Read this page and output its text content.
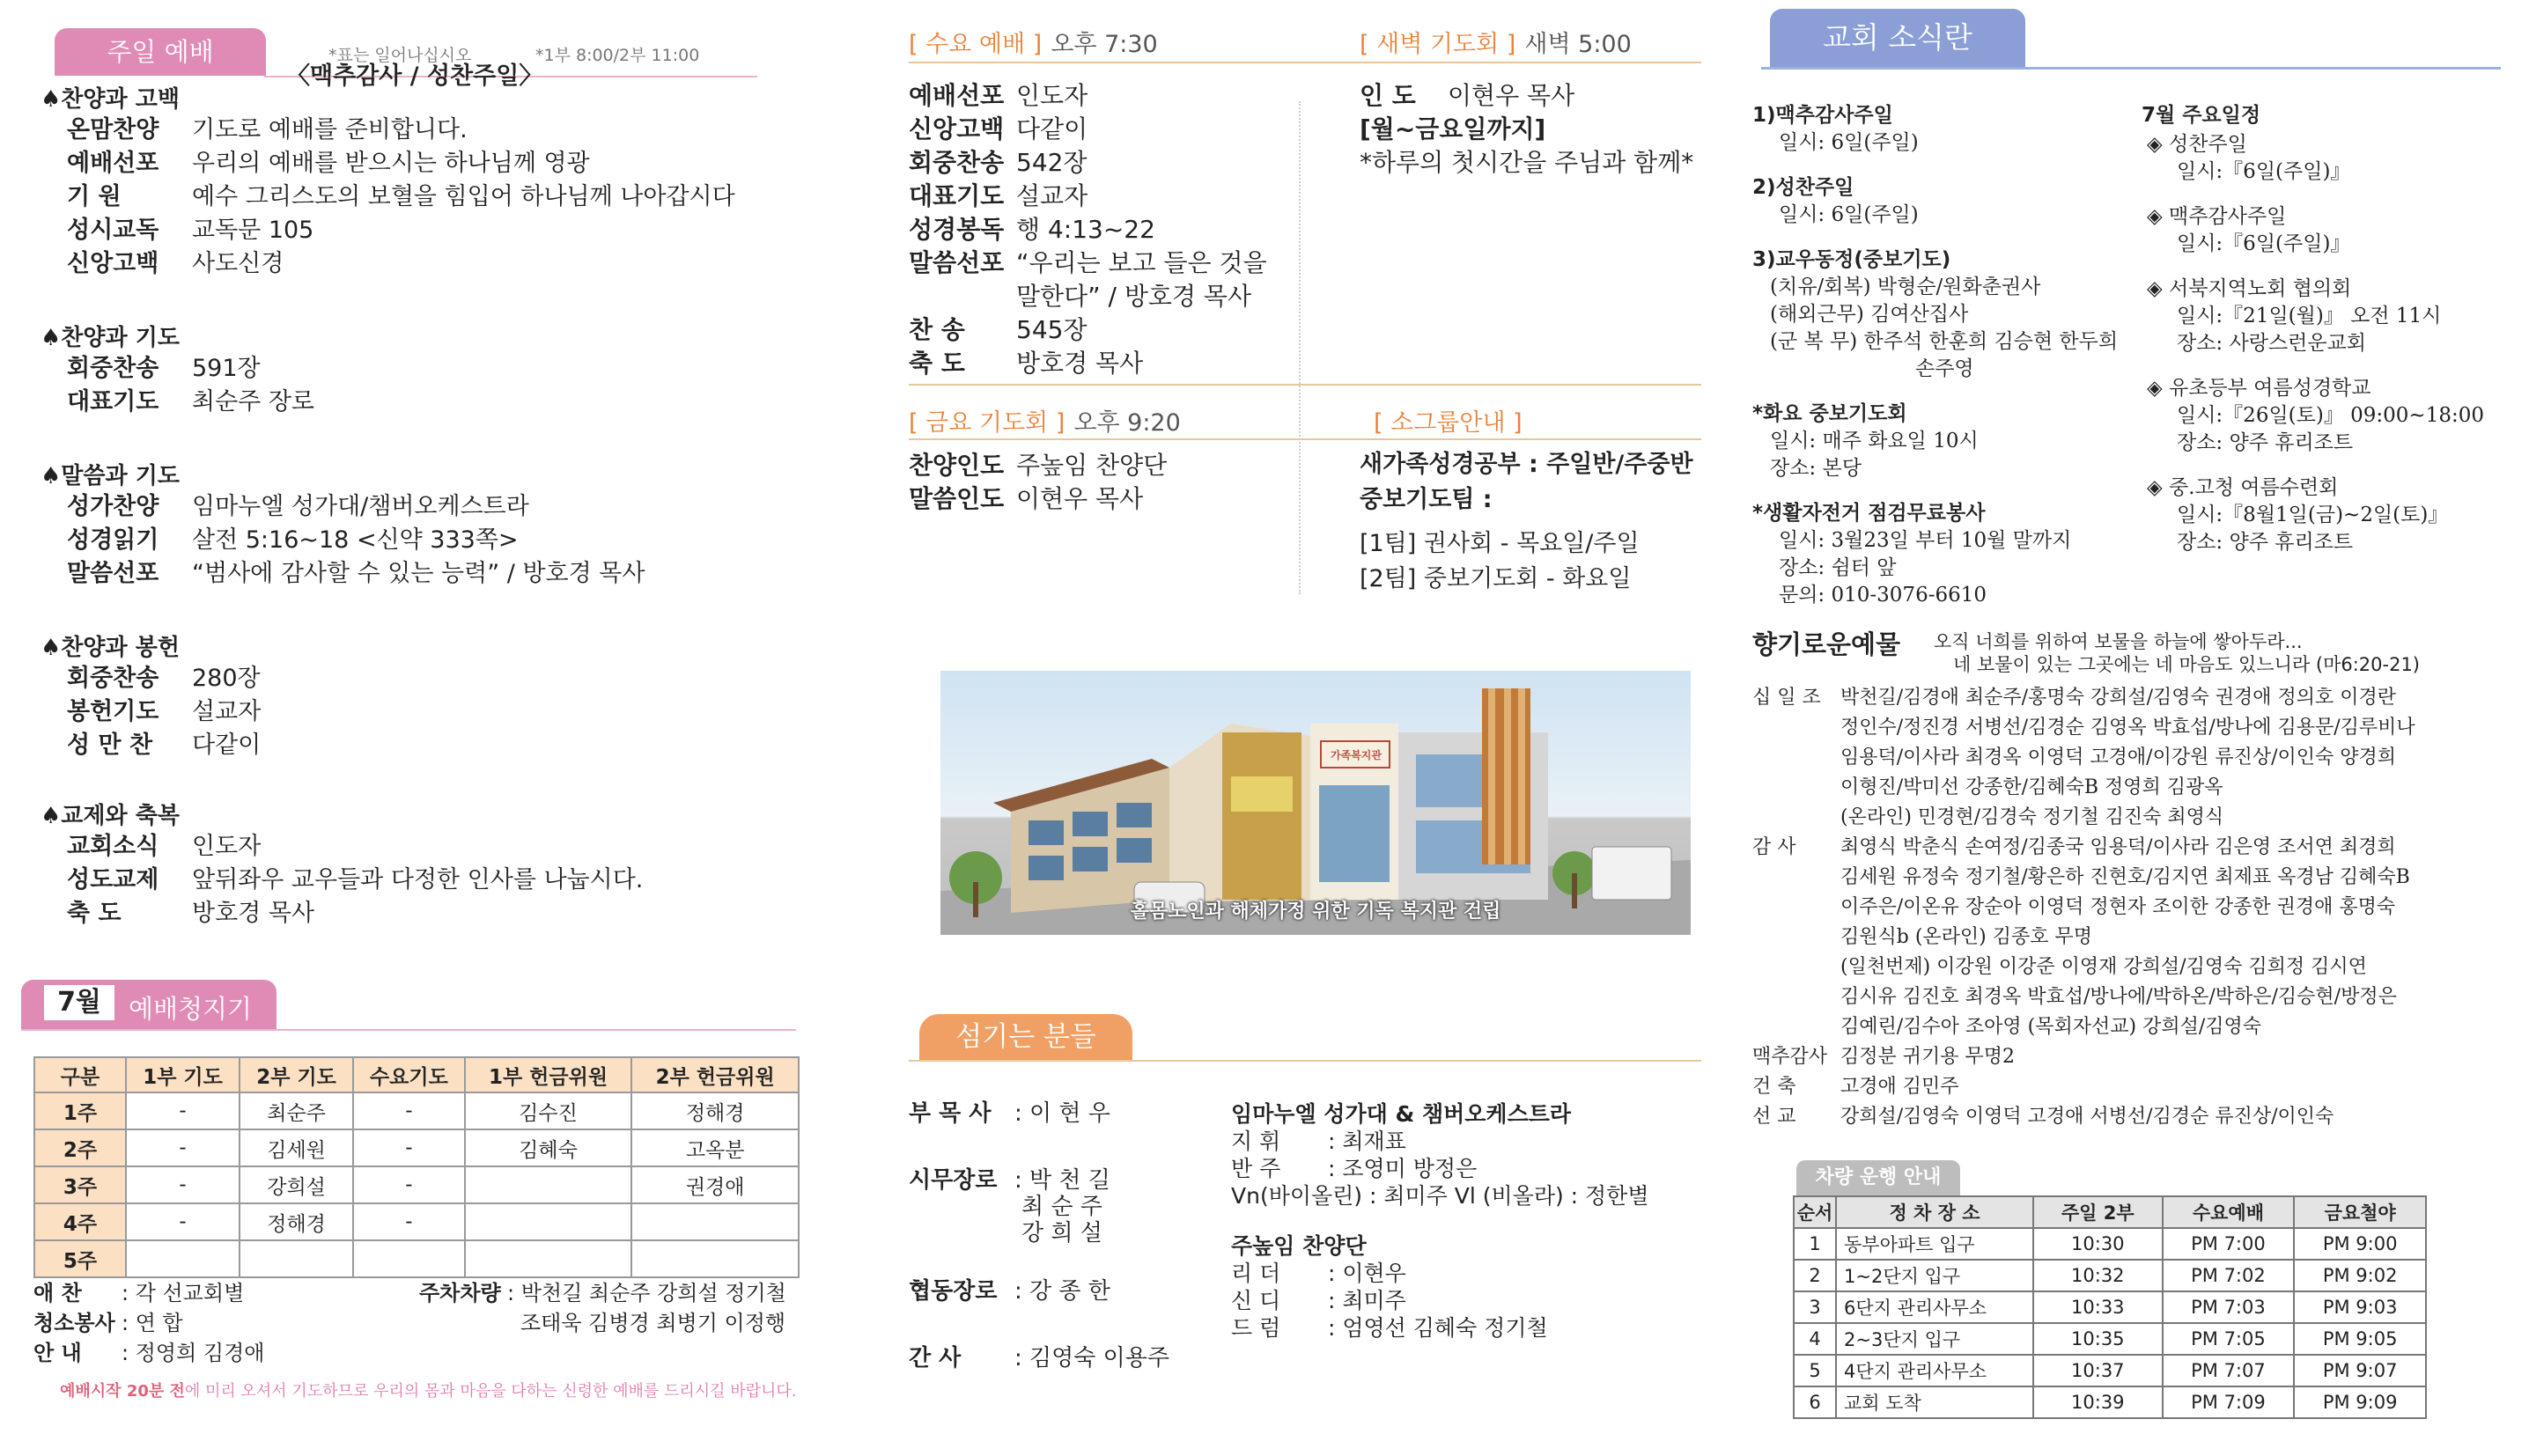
주일 예배	*표는 일어나십시오	*1부 8:00/2부 11:00
〈맥추감사 / 성찬주일〉
♠찬양과 고백
온맘찬양 기도로 예배를 준비합니다.
예배선포 우리의 예배를 받으시는 하나님께 영광
기 원	예수 그리스도의 보혈을 힘입어 하나님께 나아갑시다
성시교독 교독문 105
신앙고백 사도신경
♠찬양과 기도
회중찬송 591장
대표기도 최순주 장로
♠말씀과 기도
성가찬양 임마누엘 성가대/챔버오케스트라
성경읽기 살전 5:16~18 <신약 333쪽>
말씀선포 “범사에 감사할 수 있는 능력” / 방호경 목사
♠찬양과 봉헌
회중찬송 280장
봉헌기도 설교자
성 만 찬 다같이
♠교제와 축복
교회소식 인도자
성도교제 앞뒤좌우 교우들과 다정한 인사를 나눕시다.
축 도	방호경 목사
7월	예배청지기
구분	1부 기도	2부 기도	수요기도	1부 헌금위원	2부 헌금위원
1주	-	최순주	-	김수진	정해경
2주	-	김세원	-	김혜숙	고옥분
3주	-	강희설	-		권경애
4주	-	정해경	-		
5주					
애 찬 : 각 선교회별
청소봉사 : 연 합
안 내 : 정영희 김경애
주차차량 : 박천길 최순주 강희설 정기철
조태욱 김병경 최병기 이정행
예배시작 20분 전에 미리 오셔서 기도하므로 우리의 몸과 마음을 다하는 신령한 예배를 드리시길 바랍니다.
[ 수요 예배 ] 오후 7:30	[ 새벽 기도회 ] 새벽 5:00
예배선포 인도자
신앙고백 다같이
회중찬송 542장
대표기도 설교자
성경봉독 행 4:13~22
말씀선포 “우리는 보고 들은 것을
말한다” / 방호경 목사
찬 송 545장
축 도 방호경 목사
인 도 이현우 목사
[월~금요일까지]
*하루의 첫시간을 주님과 함께*
[ 금요 기도회 ] 오후 9:20
찬양인도 주높임 찬양단
말씀인도 이현우 목사
[ 소그룹안내 ]
새가족성경공부 : 주일반/주중반
중보기도팀 :
[1팀] 권사회 - 목요일/주일
[2팀] 중보기도회 - 화요일
가족복지관
홀몸노인과 해체가정 위한 기독 복지관 건립
섬기는 분들
부 목 사 : 이 현 우
시무장로 : 박 천 길
최 순 주
강 희 설
협동장로 : 강 종 한
간 사 : 김영숙 이용주
임마누엘 성가대 & 챔버오케스트라
지 휘 : 최재표
반 주 : 조영미 방정은
Vn(바이올린) : 최미주 Vl (비올라) : 정한별
주높임 찬양단
리 더 : 이현우
신 디 : 최미주
드 럼 : 엄영선 김혜숙 정기철
교회 소식란
1)맥추감사주일
일시: 6일(주일)
2)성찬주일
일시: 6일(주일)
3)교우동정(중보기도)
(치유/회복) 박형순/원화춘권사
(해외근무) 김여산집사
(군 복 무) 한주석 한훈희 김승현 한두희
손주영
*화요 중보기도회
일시: 매주 화요일 10시
장소: 본당
*생활자전거 점검무료봉사
일시: 3월23일 부터 10월 말까지
장소: 쉼터 앞
문의: 010-3076-6610
7월 주요일정
◈ 성찬주일
일시:『6일(주일)』
◈ 맥추감사주일
일시:『6일(주일)』
◈ 서북지역노회 협의회
일시:『21일(월)』 오전 11시
장소: 사랑스런운교회
◈ 유초등부 여름성경학교
일시:『26일(토)』 09:00~18:00
장소: 양주 휴리조트
◈ 중.고청 여름수련회
일시:『8월1일(금)~2일(토)』
장소: 양주 휴리조트
향기로운예물 오직 너희를 위하여 보물을 하늘에 쌓아두라...
네 보물이 있는 그곳에는 네 마음도 있느니라 (마6:20-21)
십 일 조 박천길/김경애 최순주/홍명숙 강희설/김영숙 권경애 정의호 이경란
정인수/정진경 서병선/김경순 김영옥 박효섭/방나에 김용문/김루비나
임용덕/이사라 최경옥 이영덕 고경애/이강원 류진상/이인숙 양경희
이형진/박미선 강종한/김혜숙B 정영희 김광옥
(온라인) 민경현/김경숙 정기철 김진숙 최영식
감 사 최영식 박춘식 손여정/김종국 임용덕/이사라 김은영 조서연 최경희
김세원 유정숙 정기철/황은하 진현호/김지연 최제표 옥경남 김혜숙B
이주은/이온유 장순아 이영덕 정현자 조이한 강종한 권경애 홍명숙
김원식b (온라인) 김종호 무명
(일천번제) 이강원 이강준 이영재 강희설/김영숙 김희정 김시연
김시유 김진호 최경옥 박효섭/방나에/박하온/박하은/김승현/방정은
김예린/김수아 조아영 (목회자선교) 강희설/김영숙
맥추감사 김정분 귀기용 무명2
건 축 고경애 김민주
선 교 강희설/김영숙 이영덕 고경애 서병선/김경순 류진상/이인숙
차량 운행 안내
순서	정 차 장 소	주일 2부	수요예배	금요철야
1	동부아파트 입구	10:30	PM 7:00	PM 9:00
2	1~2단지 입구	10:32	PM 7:02	PM 9:02
3	6단지 관리사무소	10:33	PM 7:03	PM 9:03
4	2~3단지 입구	10:35	PM 7:05	PM 9:05
5	4단지 관리사무소	10:37	PM 7:07	PM 9:07
6	교회 도착	10:39	PM 7:09	PM 9:09
